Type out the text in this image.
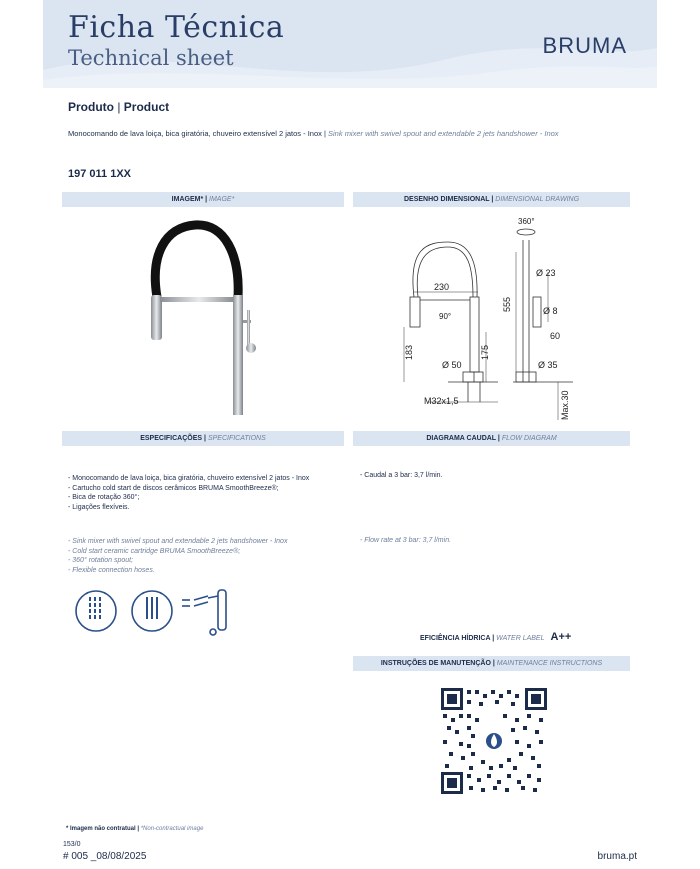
Ficha Técnica
Technical sheet	BRUMA
Produto | Product
Monocomando de lava loiça, bica giratória, chuveiro extensível 2 jatos - Inox | Sink mixer with swivel spout and extendable 2 jets handshower - Inox
197 011 1XX
IMAGEM* | IMAGE*	DESENHO DIMENSIONAL | DIMENSIONAL DRAWING
ESPECIFICAÇÕES | SPECIFICATIONS	DIAGRAMA CAUDAL | FLOW DIAGRAM
INSTRUÇÕES DE MANUTENÇÃO | MAINTENANCE INSTRUCTIONS
360°
Ø 23
230
555	Ø 8
90°
60
183	175
Ø 50	Ø 35
M32x1,5	Max.30
- Monocomando de lava loiça, bica giratória, chuveiro extensível 2 jatos - Inox
- Cartucho cold start de discos cerâmicos BRUMA SmoothBreeze®;
- Bica de rotação 360°;
- Ligações flexíveis.
- Sink mixer with swivel spout and extendable 2 jets handshower - Inox
- Cold start ceramic cartridge BRUMA SmoothBreeze®;
- 360° rotation spout;
- Flexible connection hoses.
- Caudal a 3 bar: 3,7 l/min.
- Flow rate at 3 bar: 3,7 l/min.
EFICIÊNCIA HÍDRICA | WATER LABEL A++
* Imagem não contratual | *Non-contractual image
153/0
# 005 _08/08/2025	bruma.pt
